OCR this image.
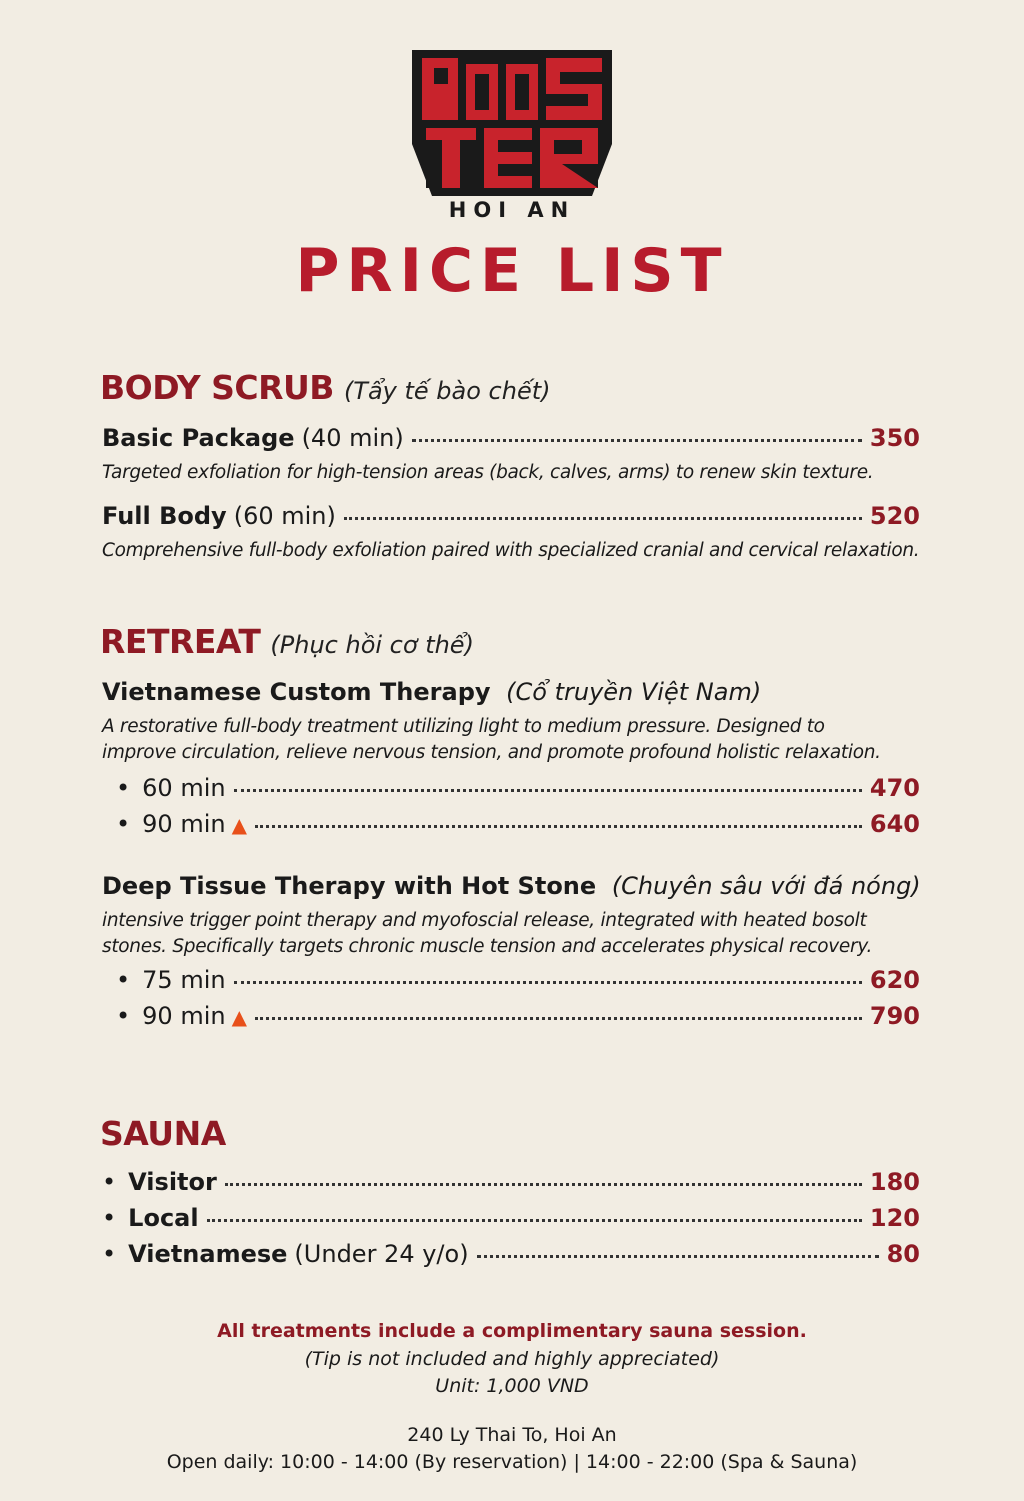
HOI AN
PRICE LIST
BODY SCRUB (Tẩy tế bào chết)
Basic Package (40 min)	350
Targeted exfoliation for high-tension areas (back, calves, arms) to renew skin texture.
Full Body (60 min)	520
Comprehensive full-body exfoliation paired with specialized cranial and cervical relaxation.
RETREAT (Phục hồi cơ thể)
Vietnamese Custom Therapy (Cổ truyền Việt Nam)
A restorative full-body treatment utilizing light to medium pressure. Designed to
improve circulation, relieve nervous tension, and promote profound holistic relaxation.
• 60 min	470
• 90 min ▲	640
Deep Tissue Therapy with Hot Stone (Chuyên sâu với đá nóng)
intensive trigger point therapy and myofoscial release, integrated with heated bosolt
stones. Specifically targets chronic muscle tension and accelerates physical recovery.
• 75 min	620
• 90 min ▲	790
SAUNA
• Visitor	180
• Local	120
• Vietnamese (Under 24 y/o)	80
All treatments include a complimentary sauna session.
(Tip is not included and highly appreciated)
Unit: 1,000 VND
240 Ly Thai To, Hoi An
Open daily: 10:00 - 14:00 (By reservation) | 14:00 - 22:00 (Spa & Sauna)
